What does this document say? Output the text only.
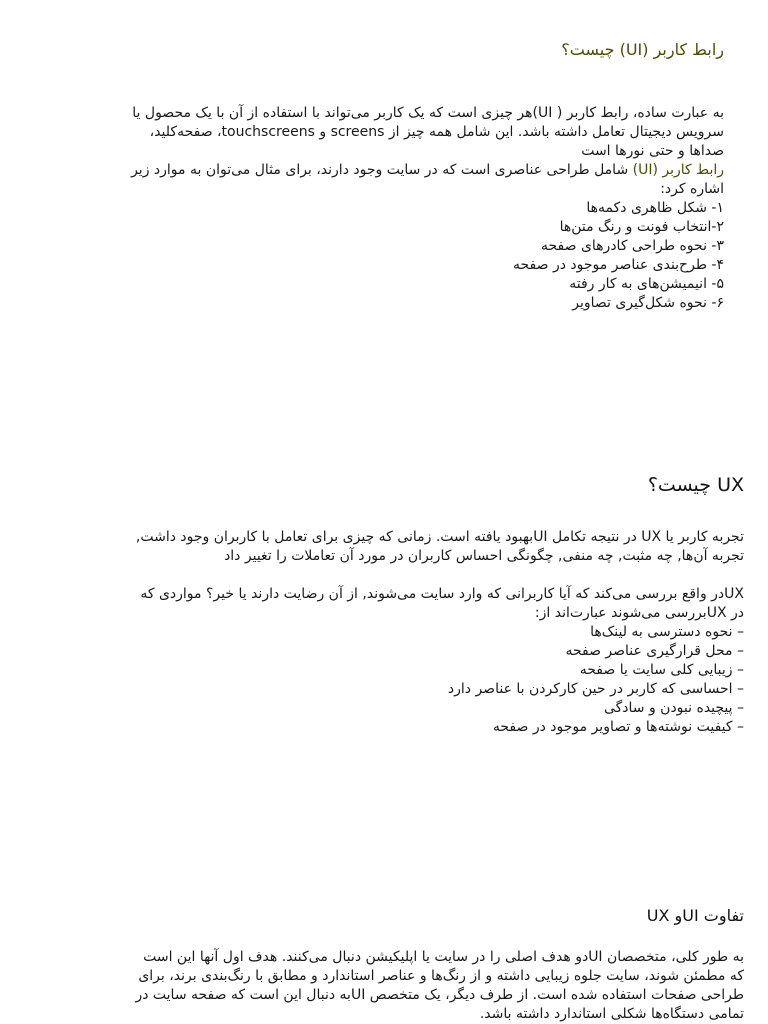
رابط کاربر (UI) چیست؟
به عبارت ساده، رابط کاربر ( UI)هر چیزی است که یک کاربر می‌تواند با استفاده از آن با یک محصول یا
سرویس دیجیتال تعامل داشته باشد. این شامل همه چیز از screens و touchscreens، صفحه‌کلید،
صداها و حتی نورها است
رابط کاربر (UI) شامل طراحی عناصری است که در سایت وجود دارند، برای مثال می‌توان به موارد زیر
اشاره کرد:
۱- شکل ظاهری دکمه‌ها
۲-انتخاب فونت و رنگ متن‌ها
۳- نحوه طراحی کادرهای صفحه
۴- طرح‌بندی عناصر موجود در صفحه
۵- انیمیشن‌های به کار رفته
۶- نحوه شکل‌گیری تصاویر
UX چیست؟
تجربه کاربر یا UX در نتیجه تکامل UIبهبود یافته است. زمانی که چیزی برای تعامل با کاربران وجود داشت,
تجربه آن‌ها, چه مثبت, چه منفی, چگونگی احساس کاربران در مورد آن تعاملات را تغییر داد
UXدر واقع بررسی می‌کند که آیا کاربرانی که وارد سایت می‌شوند, از آن رضایت دارند یا خیر؟ مواردی که
در UXبررسی می‌شوند عبارت‌اند از:
– نحوه دسترسی به لینک‌ها
– محل قرارگیری عناصر صفحه
– زیبایی کلی سایت یا صفحه
– احساسی که کاربر در حین کارکردن با عناصر دارد
– پیچیده نبودن و سادگی
– کیفیت نوشته‌ها و تصاویر موجود در صفحه
تفاوت UIو UX
به طور کلی، متخصصان UIدو هدف اصلی را در سایت یا اپلیکیشن دنبال می‌کنند. هدف اول آنها این است
که مطمئن شوند، سایت جلوه زیبایی داشته و از رنگ‌ها و عناصر استاندارد و مطابق با رنگ‌بندی برند، برای
طراحی صفحات استفاده شده است. از طرف دیگر، یک متخصص UIبه دنبال این است که صفحه سایت در
تمامی دستگاه‌ها شکلی استاندارد داشته باشد.
